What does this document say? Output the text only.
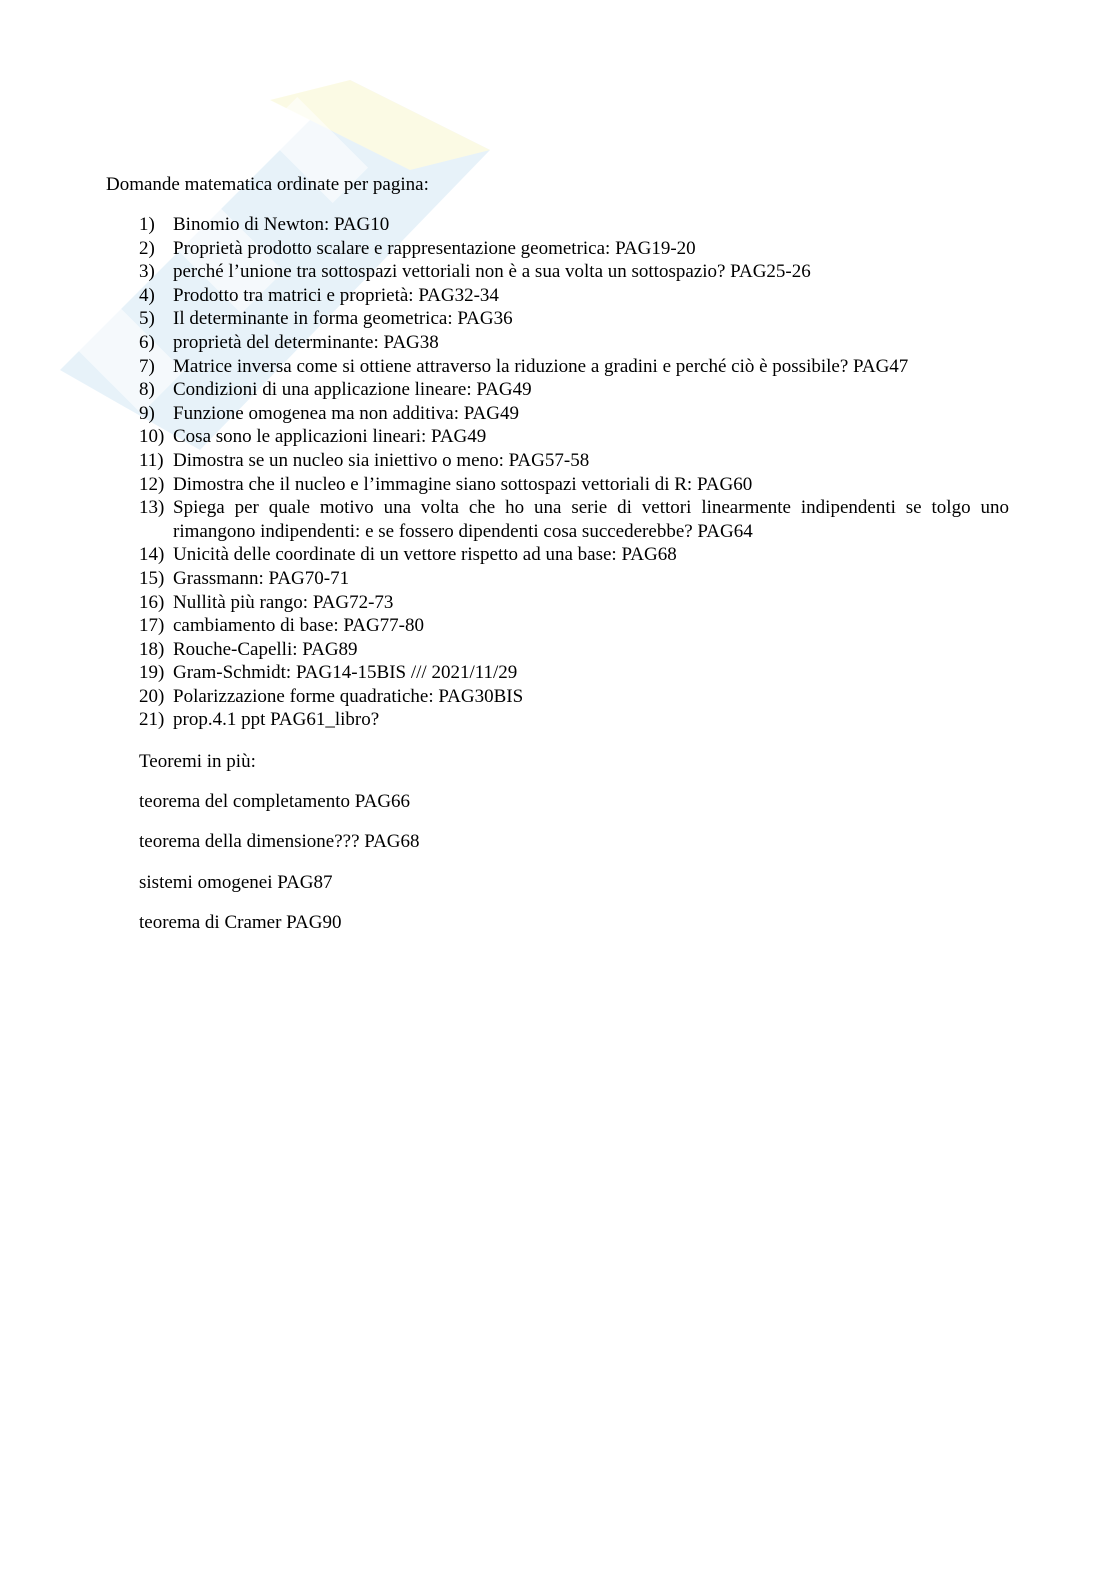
Domande matematica ordinate per pagina:
1) Binomio di Newton: PAG10
2) Proprietà prodotto scalare e rappresentazione geometrica: PAG19-20
3) perché l’unione tra sottospazi vettoriali non è a sua volta un sottospazio? PAG25-26
4) Prodotto tra matrici e proprietà: PAG32-34
5) Il determinante in forma geometrica: PAG36
6) proprietà del determinante: PAG38
7) Matrice inversa come si ottiene attraverso la riduzione a gradini e perché ciò è possibile? PAG47
8) Condizioni di una applicazione lineare: PAG49
9) Funzione omogenea ma non additiva: PAG49
10) Cosa sono le applicazioni lineari: PAG49
11) Dimostra se un nucleo sia iniettivo o meno: PAG57-58
12) Dimostra che il nucleo e l’immagine siano sottospazi vettoriali di R: PAG60
13) Spiega per quale motivo una volta che ho una serie di vettori linearmente indipendenti se tolgo uno rimangono indipendenti: e se fossero dipendenti cosa succederebbe? PAG64
14) Unicità delle coordinate di un vettore rispetto ad una base: PAG68
15) Grassmann: PAG70-71
16) Nullità più rango: PAG72-73
17) cambiamento di base: PAG77-80
18) Rouche-Capelli: PAG89
19) Gram-Schmidt: PAG14-15BIS /// 2021/11/29
20) Polarizzazione forme quadratiche: PAG30BIS
21) prop.4.1 ppt PAG61_libro?
Teoremi in più:
teorema del completamento PAG66
teorema della dimensione??? PAG68
sistemi omogenei PAG87
teorema di Cramer PAG90
